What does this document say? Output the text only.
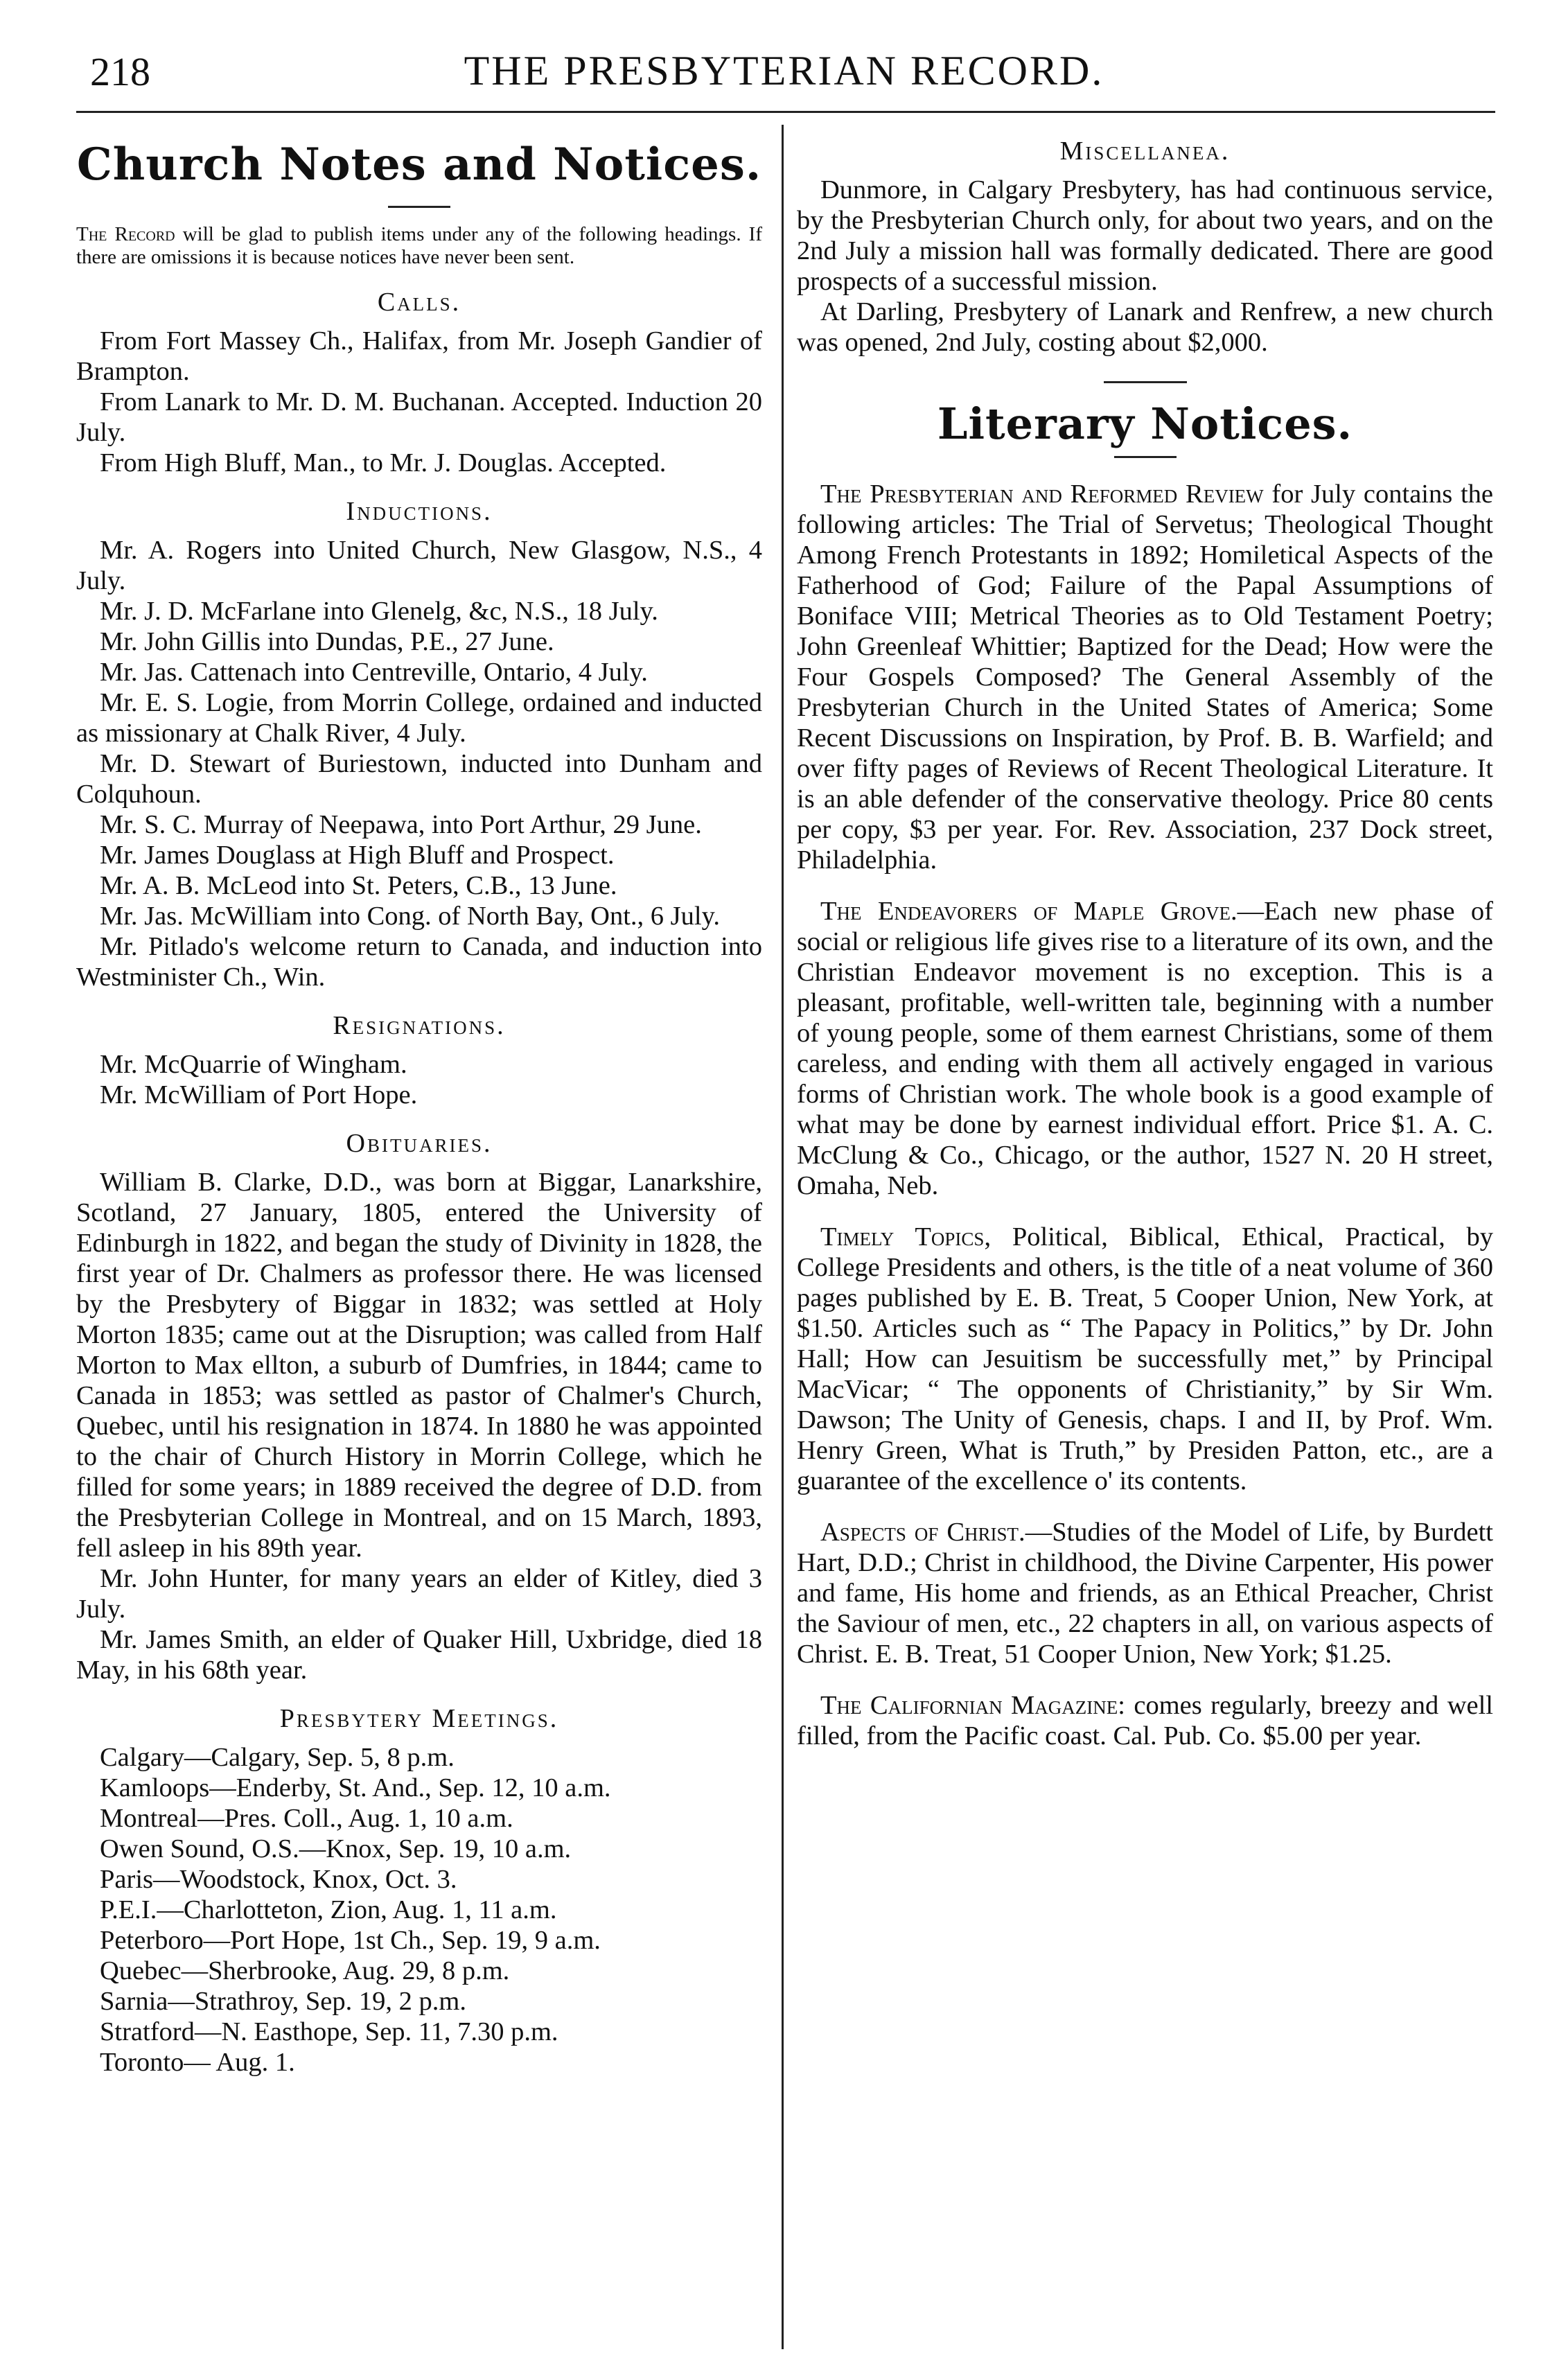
218	THE PRESBYTERIAN RECORD.
Church Notes and Notices.

The Record will be glad to publish items under any of the following headings. If there are omissions it is because notices have never been sent.

Calls.

From Fort Massey Ch., Halifax, from Mr. Joseph Gandier of Brampton.

From Lanark to Mr. D. M. Buchanan. Accepted. Induction 20 July.

From High Bluff, Man., to Mr. J. Douglas. Accepted.

Inductions.

Mr. A. Rogers into United Church, New Glasgow, N.S., 4 July.

Mr. J. D. McFarlane into Glenelg, &c, N.S., 18 July.

Mr. John Gillis into Dundas, P.E., 27 June.

Mr. Jas. Cattenach into Centreville, Ontario, 4 July.

Mr. E. S. Logie, from Morrin College, ordained and inducted as missionary at Chalk River, 4 July.

Mr. D. Stewart of Buriestown, inducted into Dunham and Colquhoun.

Mr. S. C. Murray of Neepawa, into Port Arthur, 29 June.

Mr. James Douglass at High Bluff and Prospect.

Mr. A. B. McLeod into St. Peters, C.B., 13 June.

Mr. Jas. McWilliam into Cong. of North Bay, Ont., 6 July.

Mr. Pitlado's welcome return to Canada, and induction into Westminister Ch., Win.

Resignations.

Mr. McQuarrie of Wingham.

Mr. McWilliam of Port Hope.

Obituaries.

William B. Clarke, D.D., was born at Biggar, Lanarkshire, Scotland, 27 January, 1805, entered the University of Edinburgh in 1822, and began the study of Divinity in 1828, the first year of Dr. Chalmers as professor there. He was licensed by the Presbytery of Biggar in 1832; was settled at Holy Morton 1835; came out at the Disruption; was called from Half Morton to Max ellton, a suburb of Dumfries, in 1844; came to Canada in 1853; was settled as pastor of Chalmer's Church, Quebec, until his resignation in 1874. In 1880 he was appointed to the chair of Church History in Morrin College, which he filled for some years; in 1889 received the degree of D.D. from the Presbyterian College in Montreal, and on 15 March, 1893, fell asleep in his 89th year.

Mr. John Hunter, for many years an elder of Kitley, died 3 July.

Mr. James Smith, an elder of Quaker Hill, Uxbridge, died 18 May, in his 68th year.

Presbytery Meetings.

Calgary—Calgary, Sep. 5, 8 p.m.

Kamloops—Enderby, St. And., Sep. 12, 10 a.m.

Montreal—Pres. Coll., Aug. 1, 10 a.m.

Owen Sound, O.S.—Knox, Sep. 19, 10 a.m.

Paris—Woodstock, Knox, Oct. 3.

P.E.I.—Charlotteton, Zion, Aug. 1, 11 a.m.

Peterboro—Port Hope, 1st Ch., Sep. 19, 9 a.m.

Quebec—Sherbrooke, Aug. 29, 8 p.m.

Sarnia—Strathroy, Sep. 19, 2 p.m.

Stratford—N. Easthope, Sep. 11, 7.30 p.m.

Toronto— Aug. 1.

Miscellanea.

Dunmore, in Calgary Presbytery, has had continuous service, by the Presbyterian Church only, for about two years, and on the 2nd July a mission hall was formally dedicated. There are good prospects of a successful mission.

At Darling, Presbytery of Lanark and Renfrew, a new church was opened, 2nd July, costing about $2,000.

Literary Notices.

The Presbyterian and Reformed Review for July contains the following articles: The Trial of Servetus; Theological Thought Among French Protestants in 1892; Homiletical Aspects of the Fatherhood of God; Failure of the Papal Assumptions of Boniface VIII; Metrical Theories as to Old Testament Poetry; John Greenleaf Whittier; Baptized for the Dead; How were the Four Gospels Composed? The General Assembly of the Presbyterian Church in the United States of America; Some Recent Discussions on Inspiration, by Prof. B. B. Warfield; and over fifty pages of Reviews of Recent Theological Literature. It is an able defender of the conservative theology. Price 80 cents per copy, $3 per year. For. Rev. Association, 237 Dock street, Philadelphia.

The Endeavorers of Maple Grove.—Each new phase of social or religious life gives rise to a literature of its own, and the Christian Endeavor movement is no exception. This is a pleasant, profitable, well-written tale, beginning with a number of young people, some of them earnest Christians, some of them careless, and ending with them all actively engaged in various forms of Christian work. The whole book is a good example of what may be done by earnest individual effort. Price $1. A. C. McClung & Co., Chicago, or the author, 1527 N. 20 H street, Omaha, Neb.

Timely Topics, Political, Biblical, Ethical, Practical, by College Presidents and others, is the title of a neat volume of 360 pages published by E. B. Treat, 5 Cooper Union, New York, at $1.50. Articles such as “ The Papacy in Politics,” by Dr. John Hall; How can Jesuitism be successfully met,” by Principal MacVicar; “ The opponents of Christianity,” by Sir Wm. Dawson; The Unity of Genesis, chaps. I and II, by Prof. Wm. Henry Green, What is Truth,” by Presiden Patton, etc., are a guarantee of the excellence o' its contents.

Aspects of Christ.—Studies of the Model of Life, by Burdett Hart, D.D.; Christ in childhood, the Divine Carpenter, His power and fame, His home and friends, as an Ethical Preacher, Christ the Saviour of men, etc., 22 chapters in all, on various aspects of Christ. E. B. Treat, 51 Cooper Union, New York; $1.25.

The Californian Magazine: comes regularly, breezy and well filled, from the Pacific coast. Cal. Pub. Co. $5.00 per year.
